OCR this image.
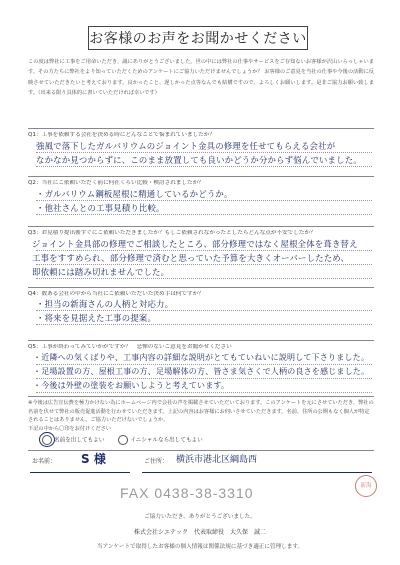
お客様のお声をお聞かせください
この度は弊社に工事をご用命いただき、誠にありがとうございました。世の中には弊社の仕事やサービスをご存知ないお客様が沢山いらっしゃいます。その方たちに弊社をより知っていただくためのアンケートにご協力いただけませんでしょうか？ お客様のご意見を当社の仕事や今後の活動に反映させていただきたいと考えております。良かったこと、遅しかった点等なんでも結構ですので、よろしくお願いします。是非ご協力お願い致します。（出来る限り具体的に書いていただければ幸いです）
Q1：工事を依頼する会社を決める時にどんなことで悩まれていましたか？
強風で落下したガルバリウムのジョイント金具の修理を任せてもらえる会社が
なかなか見つからずに、このまま放置しても良いかどうか分からず悩んでいました。
Q2：当社にご依頼いただく前に何社くらい比較・検討されましたか？
・ガルバリウム鋼板屋根に精通しているかどうか。
・他社さんとの工事見積り比較。
Q3：お見積り提出後すぐにご依頼いただきましたか？もしご依頼されなかったとしたらどんな点が不安でしたか？
ジョイント金具部の修理でご相談したところ、部分修理ではなく屋根全体を葺き替え
工事をすすめられ、部分修理で済むと思っていた予算を大きくオーバーしたため、
即依頼には踏み切れませんでした。
Q4：数ある会社の中から当社にご依頼いただいた決め手は何ですか？
・担当の新海さんの人柄と対応力。
・将来を見据えた工事の提案。
Q5：工事が終わってみていかがですか？　忌憚のないご意見をお聞かせください
・近隣への気くばりや、工事内容の詳細な説明がとてもていねいに説明して下さりました。
・足場設置の方、屋根工事の方、足場解体の方、皆さま気さくで人柄の良さを感じました。
・今後は外壁の塗装をお願いしようと考えています。
※今後は広告宣伝費を極力かけない為にホームページ内で会社の声を掲載させていただいております。このアンケートを元にさせていただき、弊社の名前を伏せて弊社の販売促進活動を行わせていただきます。上記の内容はお客様にお伺いさせていただきます。名前、住所の公開もなく個人が特定されることはありません。ご協力いただけないでしょうか。
下記の中から〇印をお付けください
名前を出してもよい	イニシャルなら出してもよい
お名前： S 様	ご住所： 横浜市港北区綱島西
FAX 0438-38-3310	新海
ご協力いただき、ありがとうございました。
株式会社シエテック　代表取締役　大久保　誠二
当アンケートで取得したお客様の個人情報は関係法規に基づき適正に管理します。
